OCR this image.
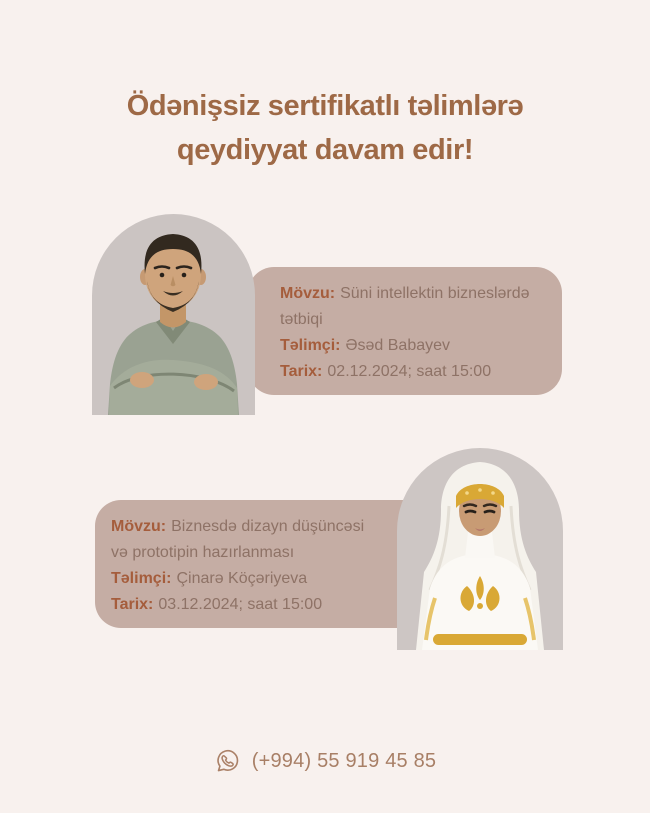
Ödənişsiz sertifikatlı təlimlərə
qeydiyyat davam edir!

Mövzu: Süni intellektin bizneslərdə tətbiqi

Təlimçi: Əsəd Babayev

Tarix: 02.12.2024; saat 15:00

Mövzu: Biznesdə dizayn düşüncəsi və prototipin hazırlanması

Təlimçi: Çinarə Köçəriyeva

Tarix: 03.12.2024; saat 15:00

(+994) 55 919 45 85
